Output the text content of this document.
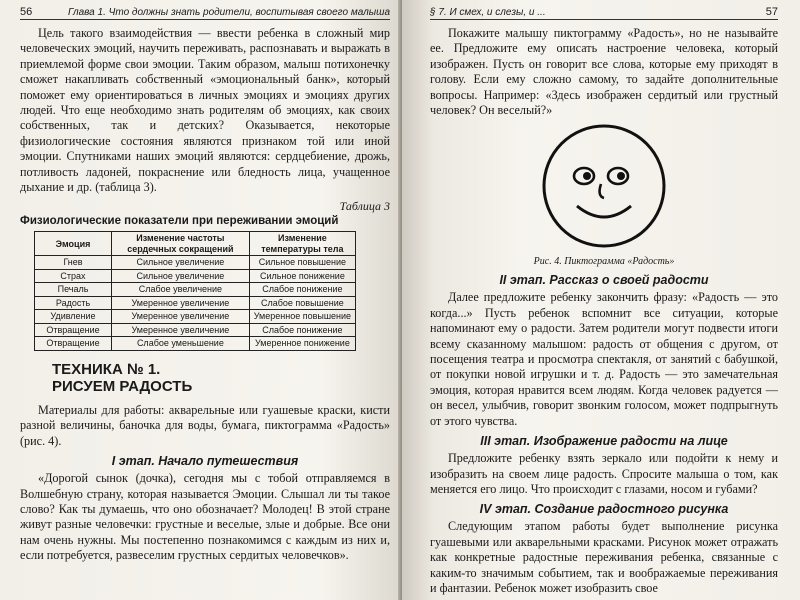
56	Глава 1. Что должны знать родители, воспитывая своего малыша

Цель такого взаимодействия — ввести ребенка в сложный мир человеческих эмоций, научить переживать, распознавать и выражать в приемлемой форме свои эмоции. Таким образом, малыш потихонечку сможет накапливать собственный «эмоциональный банк», который поможет ему ориентироваться в личных эмоциях и эмоциях других людей. Что еще необходимо знать родителям об эмоциях, как своих собственных, так и детских? Оказывается, некоторые физиологические состояния являются признаком той или иной эмоции. Спутниками наших эмоций являются: сердцебиение, дрожь, потливость ладоней, покраснение или бледность лица, учащенное дыхание и др. (таблица 3).

Таблица 3
Физиологические показатели при переживании эмоций
Эмоция	Изменение частоты сердечных сокращений	Изменение температуры тела
Гнев	Сильное увеличение	Сильное повышение
Страх	Сильное увеличение	Сильное понижение
Печаль	Слабое увеличение	Слабое понижение
Радость	Умеренное увеличение	Слабое повышение
Удивление	Умеренное увеличение	Умеренное повышение
Отвращение	Умеренное увеличение	Слабое понижение
Отвращение	Слабое уменьшение	Умеренное понижение
ТЕХНИКА № 1.
РИСУЕМ РАДОСТЬ

Материалы для работы: акварельные или гуашевые краски, кисти разной величины, баночка для воды, бумага, пиктограмма «Радость» (рис. 4).

I этап. Начало путешествия

«Дорогой сынок (дочка), сегодня мы с тобой отправляемся в Волшебную страну, которая называется Эмоции. Слышал ли ты такое слово? Как ты думаешь, что оно обозначает? Молодец! В этой стране живут разные человечки: грустные и веселые, злые и добрые. Все они нам очень нужны. Мы постепенно познакомимся с каждым из них и, если потребуется, развеселим грустных сердитых человечков».

§ 7. И смех, и слезы, и ...	57

Покажите малышу пиктограмму «Радость», но не называйте ее. Предложите ему описать настроение человека, который изображен. Пусть он говорит все слова, которые ему приходят в голову. Если ему сложно самому, то задайте дополнительные вопросы. Например: «Здесь изображен сердитый или грустный человек? Он веселый?»

Рис. 4. Пиктограмма «Радость»
II этап. Рассказ о своей радости

Далее предложите ребенку закончить фразу: «Радость — это когда...» Пусть ребенок вспомнит все ситуации, которые напоминают ему о радости. Затем родители могут подвести итоги всему сказанному малышом: радость от общения с другом, от посещения театра и просмотра спектакля, от занятий с бабушкой, от покупки новой игрушки и т. д. Радость — это замечательная эмоция, которая нравится всем людям. Когда человек радуется — он весел, улыбчив, говорит звонким голосом, может подпрыгнуть от этого чувства.

III этап. Изображение радости на лице

Предложите ребенку взять зеркало или подойти к нему и изобразить на своем лице радость. Спросите малыша о том, как меняется его лицо. Что происходит с глазами, носом и губами?

IV этап. Создание радостного рисунка

Следующим этапом работы будет выполнение рисунка гуашевыми или акварельными красками. Рисунок может отражать как конкретные радостные переживания ребенка, связанные с каким-то значимым событием, так и воображаемые переживания и фантазии. Ребенок может изобразить свое
